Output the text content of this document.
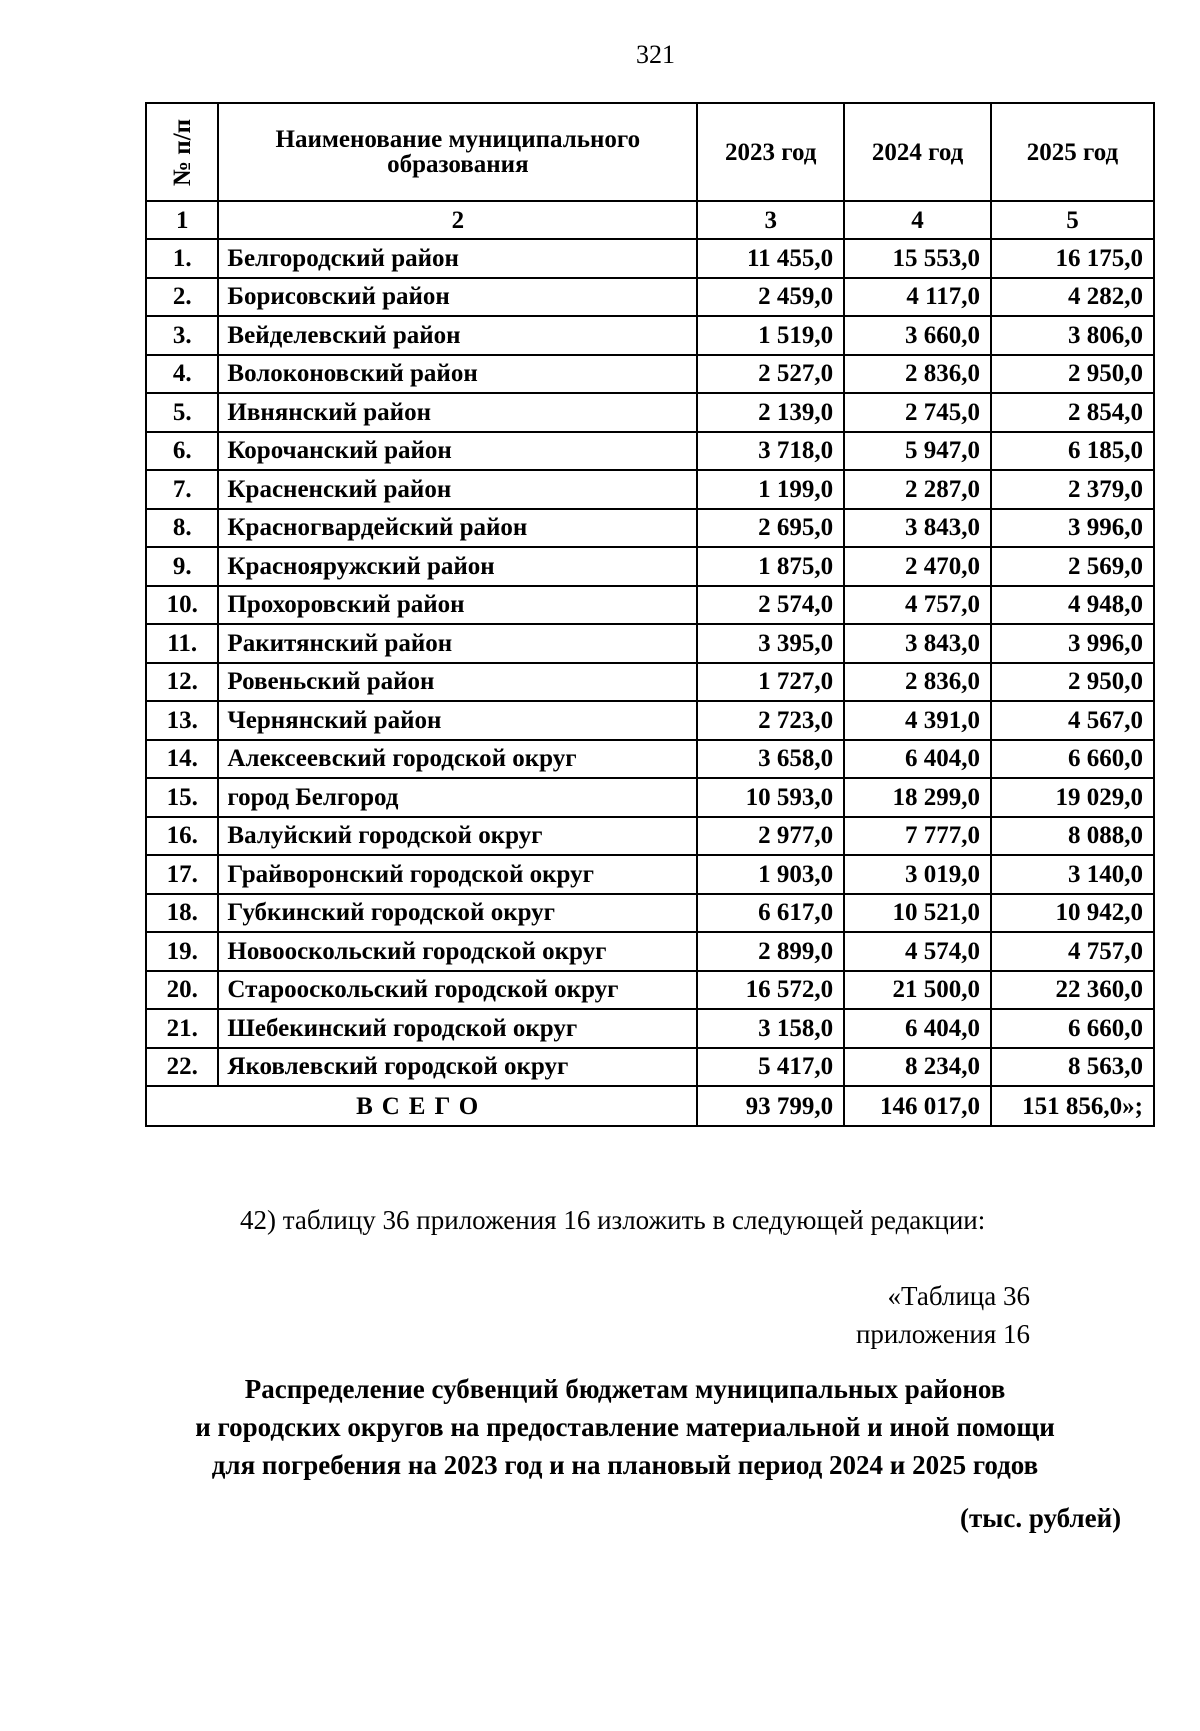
321
№ п/п	Наименование муниципального образования	2023 год	2024 год	2025 год
1	2	3	4	5
1.	Белгородский район	11 455,0	15 553,0	16 175,0
2.	Борисовский район	2 459,0	4 117,0	4 282,0
3.	Вейделевский район	1 519,0	3 660,0	3 806,0
4.	Волоконовский район	2 527,0	2 836,0	2 950,0
5.	Ивнянский район	2 139,0	2 745,0	2 854,0
6.	Корочанский район	3 718,0	5 947,0	6 185,0
7.	Красненский район	1 199,0	2 287,0	2 379,0
8.	Красногвардейский район	2 695,0	3 843,0	3 996,0
9.	Краснояружский район	1 875,0	2 470,0	2 569,0
10.	Прохоровский район	2 574,0	4 757,0	4 948,0
11.	Ракитянский район	3 395,0	3 843,0	3 996,0
12.	Ровеньский район	1 727,0	2 836,0	2 950,0
13.	Чернянский район	2 723,0	4 391,0	4 567,0
14.	Алексеевский городской округ	3 658,0	6 404,0	6 660,0
15.	город Белгород	10 593,0	18 299,0	19 029,0
16.	Валуйский городской округ	2 977,0	7 777,0	8 088,0
17.	Грайворонский городской округ	1 903,0	3 019,0	3 140,0
18.	Губкинский городской округ	6 617,0	10 521,0	10 942,0
19.	Новооскольский городской округ	2 899,0	4 574,0	4 757,0
20.	Старооскольский городской округ	16 572,0	21 500,0	22 360,0
21.	Шебекинский городской округ	3 158,0	6 404,0	6 660,0
22.	Яковлевский городской округ	5 417,0	8 234,0	8 563,0
ВСЕГО		93 799,0	146 017,0	151 856,0»;
42) таблицу 36 приложения 16 изложить в следующей редакции:
«Таблица 36
приложения 16
Распределение субвенций бюджетам муниципальных районов
и городских округов на предоставление материальной и иной помощи
для погребения на 2023 год и на плановый период 2024 и 2025 годов
(тыс. рублей)
